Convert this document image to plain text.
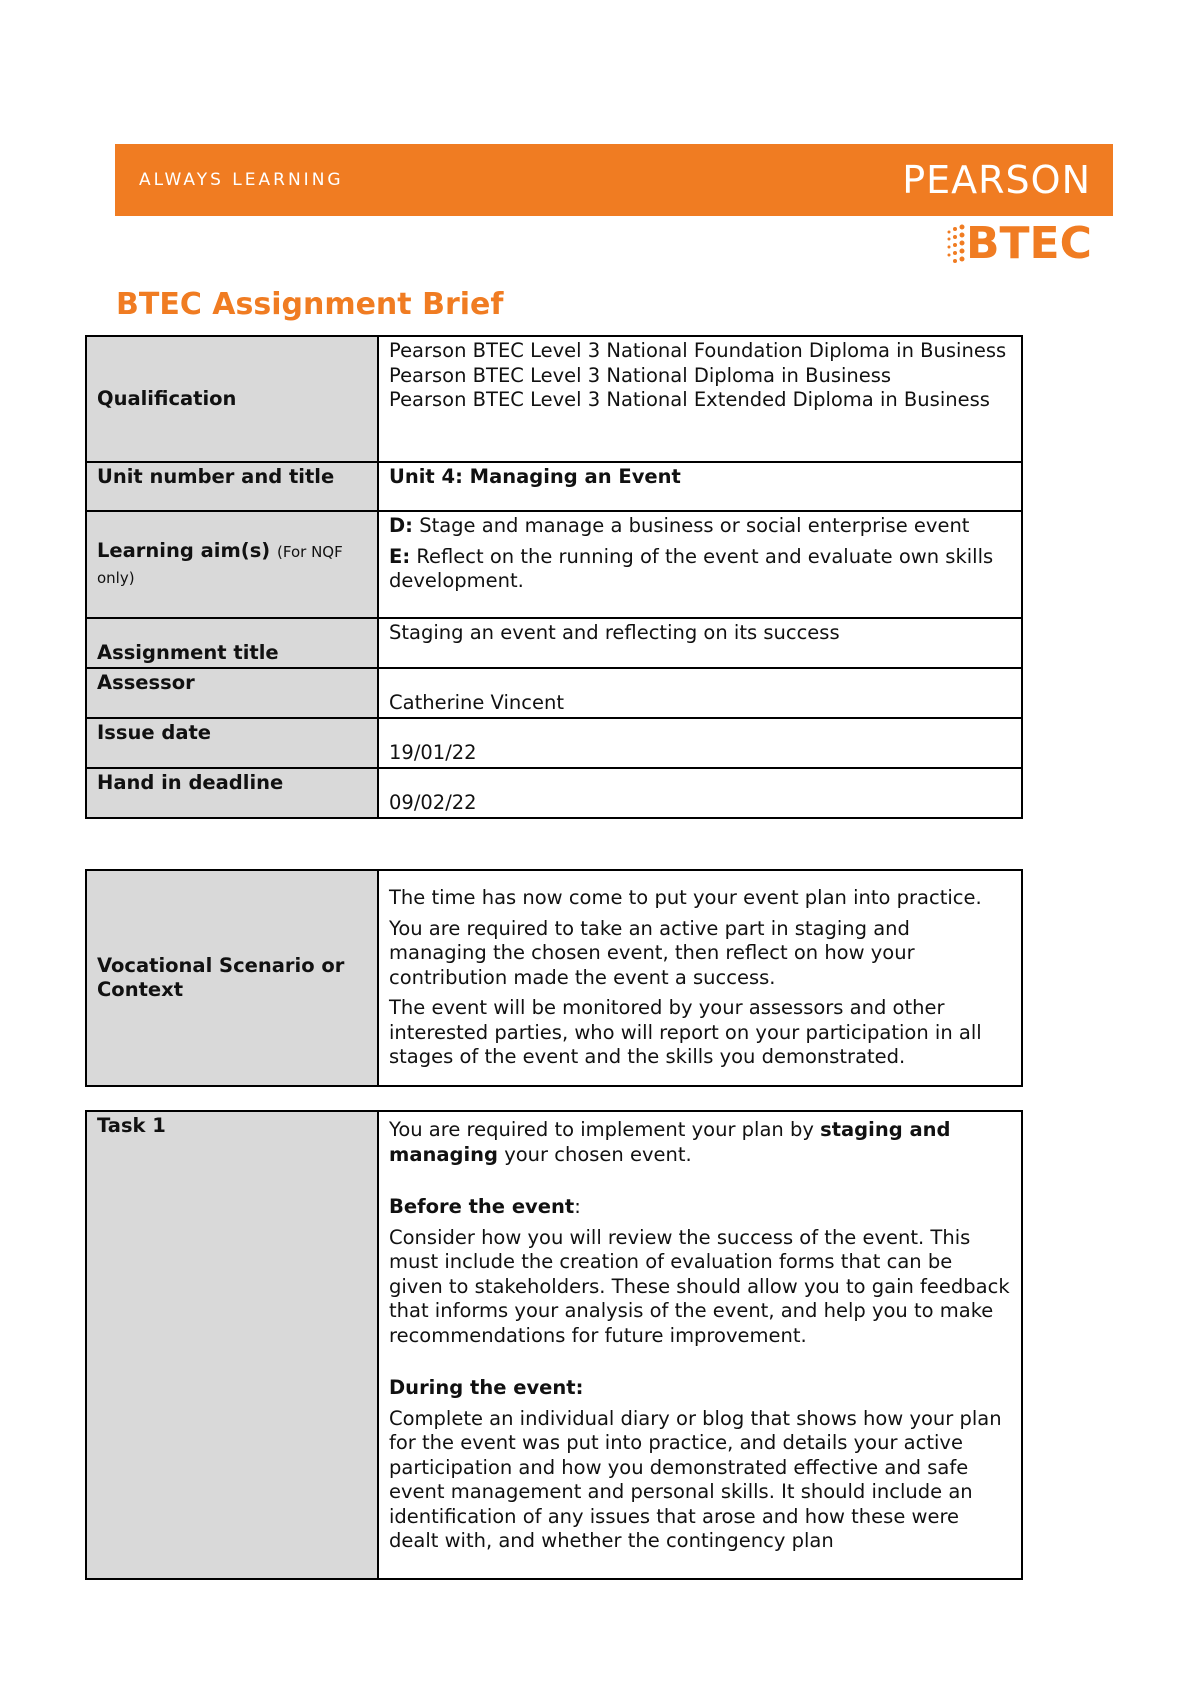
ALWAYS LEARNING	PEARSON
BTEC
BTEC Assignment Brief
Qualification	Pearson BTEC Level 3 National Foundation Diploma in Business

Pearson BTEC Level 3 National Diploma in Business

Pearson BTEC Level 3 National Extended Diploma in Business

Unit number and title	Unit 4: Managing an Event
Learning aim(s) (For NQF only)	D: Stage and manage a business or social enterprise event

E: Reflect on the running of the event and evaluate own skills development.

Assignment title	Staging an event and reflecting on its success
Assessor	Catherine Vincent
Issue date	19/01/22
Hand in deadline	09/02/22
Vocational Scenario or Context	

The time has now come to put your event plan into practice.

You are required to take an active part in staging and managing the chosen event, then reflect on how your contribution made the event a success.

The event will be monitored by your assessors and other interested parties, who will report on your participation in all stages of the event and the skills you demonstrated.

Task 1	You are required to implement your plan by staging and managing your chosen event.

Before the event:

Consider how you will review the success of the event. This must include the creation of evaluation forms that can be given to stakeholders. These should allow you to gain feedback that informs your analysis of the event, and help you to make recommendations for future improvement.

During the event:

Complete an individual diary or blog that shows how your plan for the event was put into practice, and details your active participation and how you demonstrated effective and safe event management and personal skills. It should include an identification of any issues that arose and how these were dealt with, and whether the contingency plan
